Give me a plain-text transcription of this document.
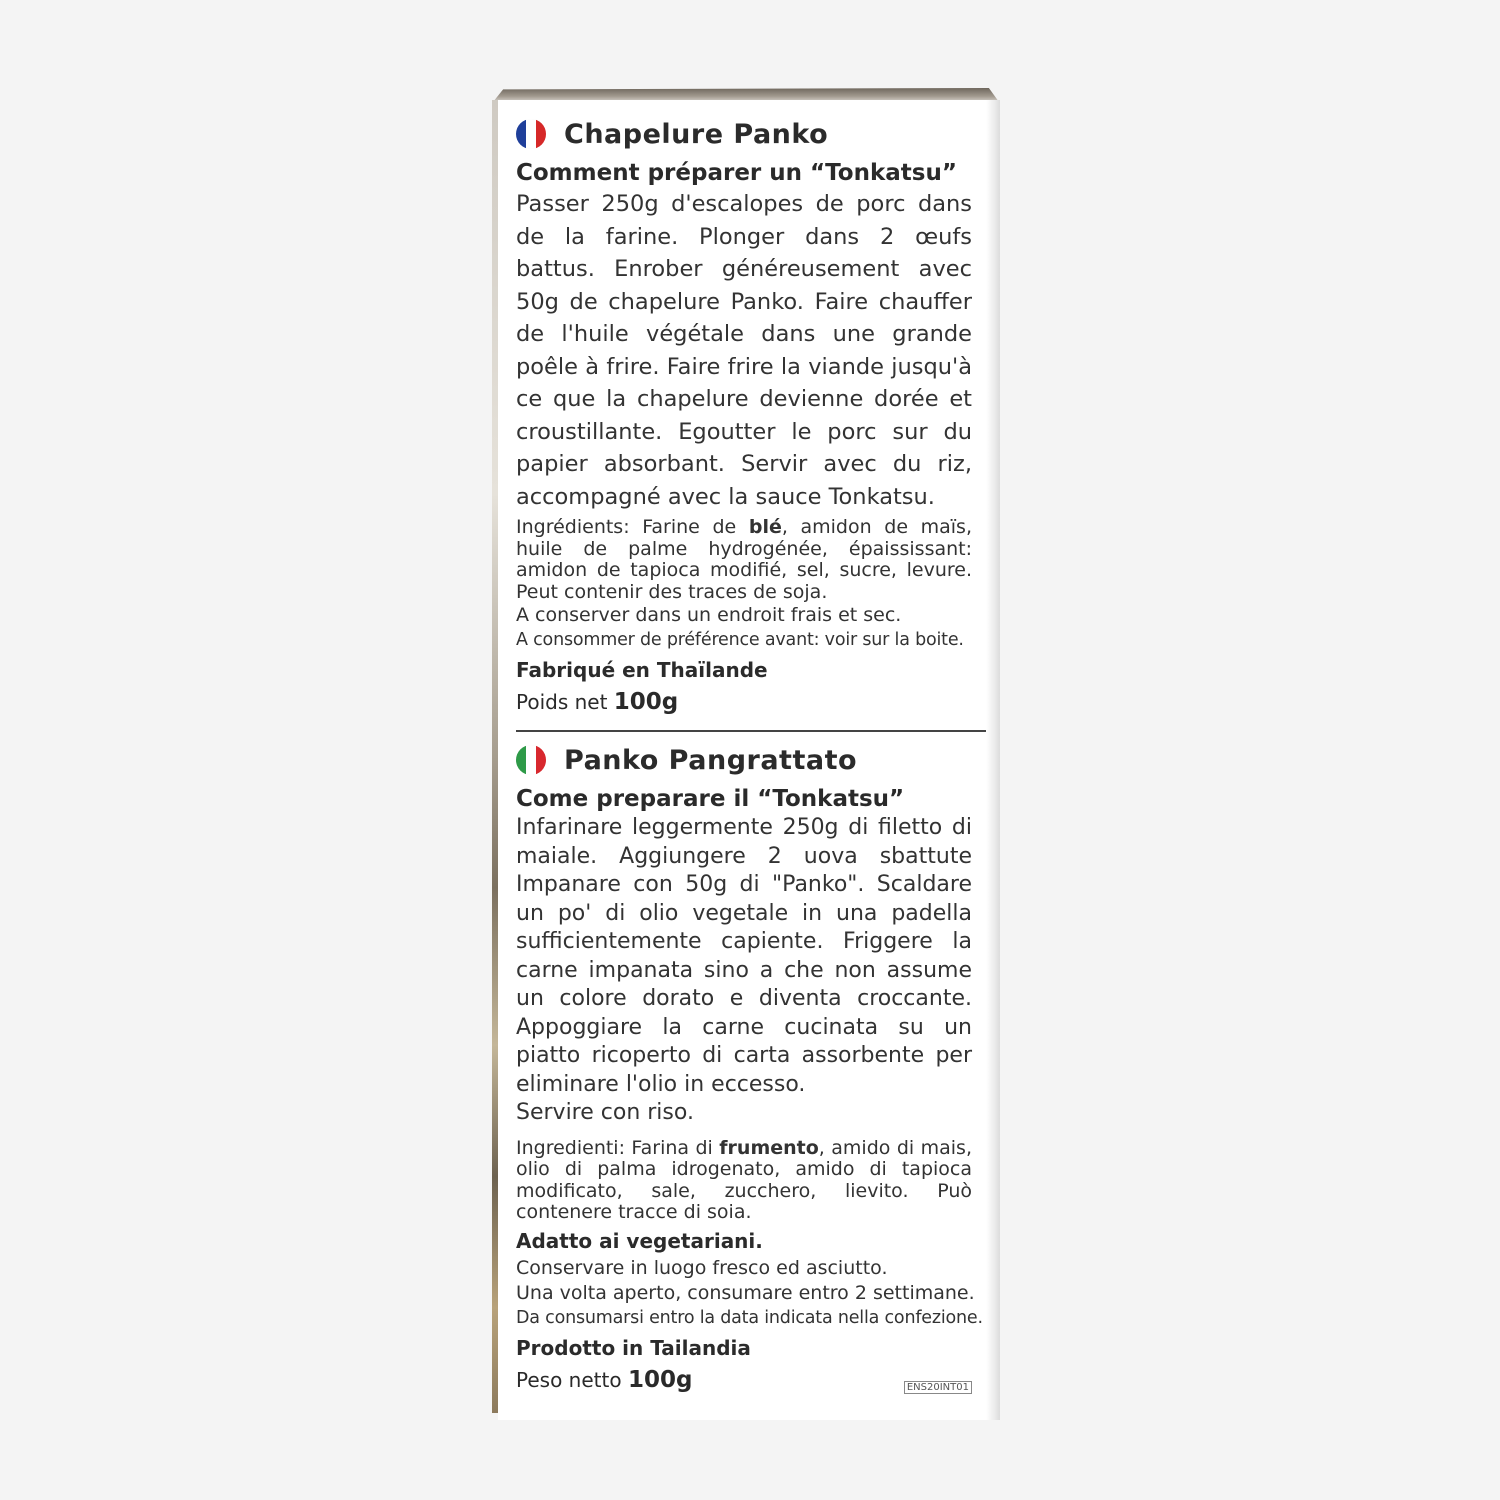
Chapelure Panko
Comment préparer un “Tonkatsu”

Passer 250g d'escalopes de porc dans de la farine. Plonger dans 2 œufs battus. Enrober généreusement avec 50g de chapelure Panko. Faire chauffer de l'huile végétale dans une grande poêle à frire. Faire frire la viande jusqu'à ce que la chapelure devienne dorée et croustillante. Egoutter le porc sur du papier absorbant. Servir avec du riz, accompagné avec la sauce Tonkatsu.

Ingrédients: Farine de blé, amidon de maïs, huile de palme hydrogénée, épaississant: amidon de tapioca modifié, sel, sucre, levure. Peut contenir des traces de soja.

A conserver dans un endroit frais et sec.

A consommer de préférence avant: voir sur la boite.

Fabriqué en Thaïlande

Poids net 100g

Panko Pangrattato
Come preparare il “Tonkatsu”

Infarinare leggermente 250g di filetto di maiale. Aggiungere 2 uova sbattute Impanare con 50g di "Panko". Scaldare un po' di olio vegetale in una padella sufficientemente capiente. Friggere la carne impanata sino a che non assume un colore dorato e diventa croccante. Appoggiare la carne cucinata su un piatto ricoperto di carta assorbente per eliminare l'olio in eccesso.

Servire con riso.

Ingredienti: Farina di frumento, amido di mais, olio di palma idrogenato, amido di tapioca modificato, sale, zucchero, lievito. Può contenere tracce di soia.

Adatto ai vegetariani.

Conservare in luogo fresco ed asciutto.

Una volta aperto, consumare entro 2 settimane.

Da consumarsi entro la data indicata nella confezione.

Prodotto in Tailandia

Peso netto 100g	ENS20INT01
